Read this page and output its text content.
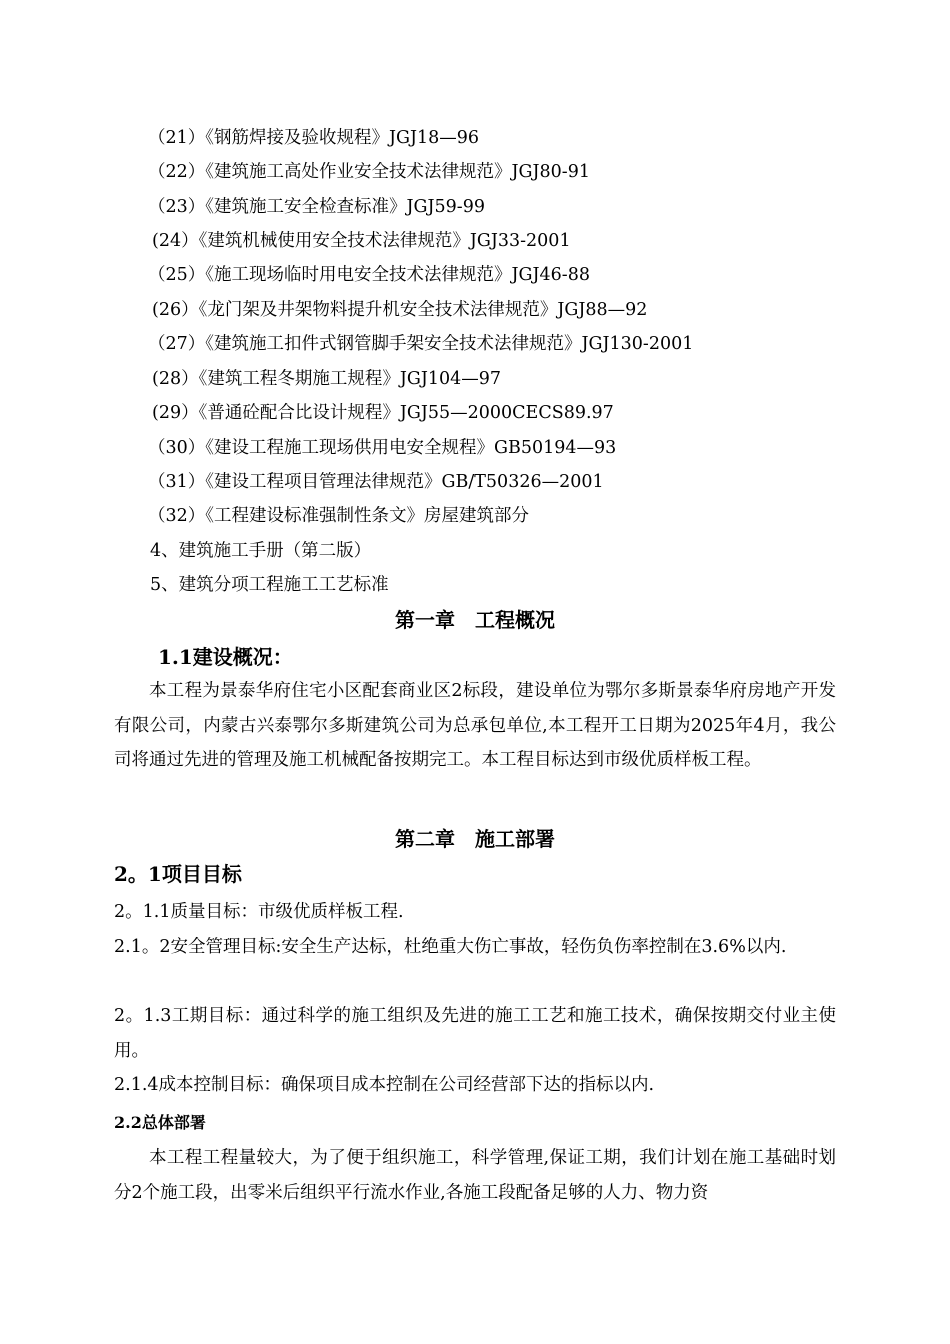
（21）《钢筋焊接及验收规程》JGJ18—96
（22）《建筑施工高处作业安全技术法律规范》JGJ80-91
（23）《建筑施工安全检查标准》JGJ59-99
(24）《建筑机械使用安全技术法律规范》JGJ33-2001
（25）《施工现场临时用电安全技术法律规范》JGJ46-88
(26）《龙门架及井架物料提升机安全技术法律规范》JGJ88—92
（27）《建筑施工扣件式钢管脚手架安全技术法律规范》JGJ130-2001
(28）《建筑工程冬期施工规程》JGJ104—97
(29）《普通砼配合比设计规程》JGJ55—2000CECS89.97
（30）《建设工程施工现场供用电安全规程》GB50194—93
（31）《建设工程项目管理法律规范》GB/T50326—2001
（32）《工程建设标准强制性条文》房屋建筑部分
4、建筑施工手册（第二版）
5、建筑分项工程施工工艺标准
第一章　工程概况
1.1建设概况：
本工程为景泰华府住宅小区配套商业区2标段，建设单位为鄂尔多斯景泰华府房地产开发有限公司，内蒙古兴泰鄂尔多斯建筑公司为总承包单位,本工程开工日期为2025年4月，我公司将通过先进的管理及施工机械配备按期完工。本工程目标达到市级优质样板工程。
第二章　施工部署
2。1项目目标
2。1.1质量目标：市级优质样板工程.
2.1。2安全管理目标:安全生产达标，杜绝重大伤亡事故，轻伤负伤率控制在3.6%以内.
2。1.3工期目标：通过科学的施工组织及先进的施工工艺和施工技术，确保按期交付业主使用。
2.1.4成本控制目标：确保项目成本控制在公司经营部下达的指标以内.
2.2总体部署
本工程工程量较大，为了便于组织施工，科学管理,保证工期，我们计划在施工基础时划分2个施工段，出零米后组织平行流水作业,各施工段配备足够的人力、物力资
